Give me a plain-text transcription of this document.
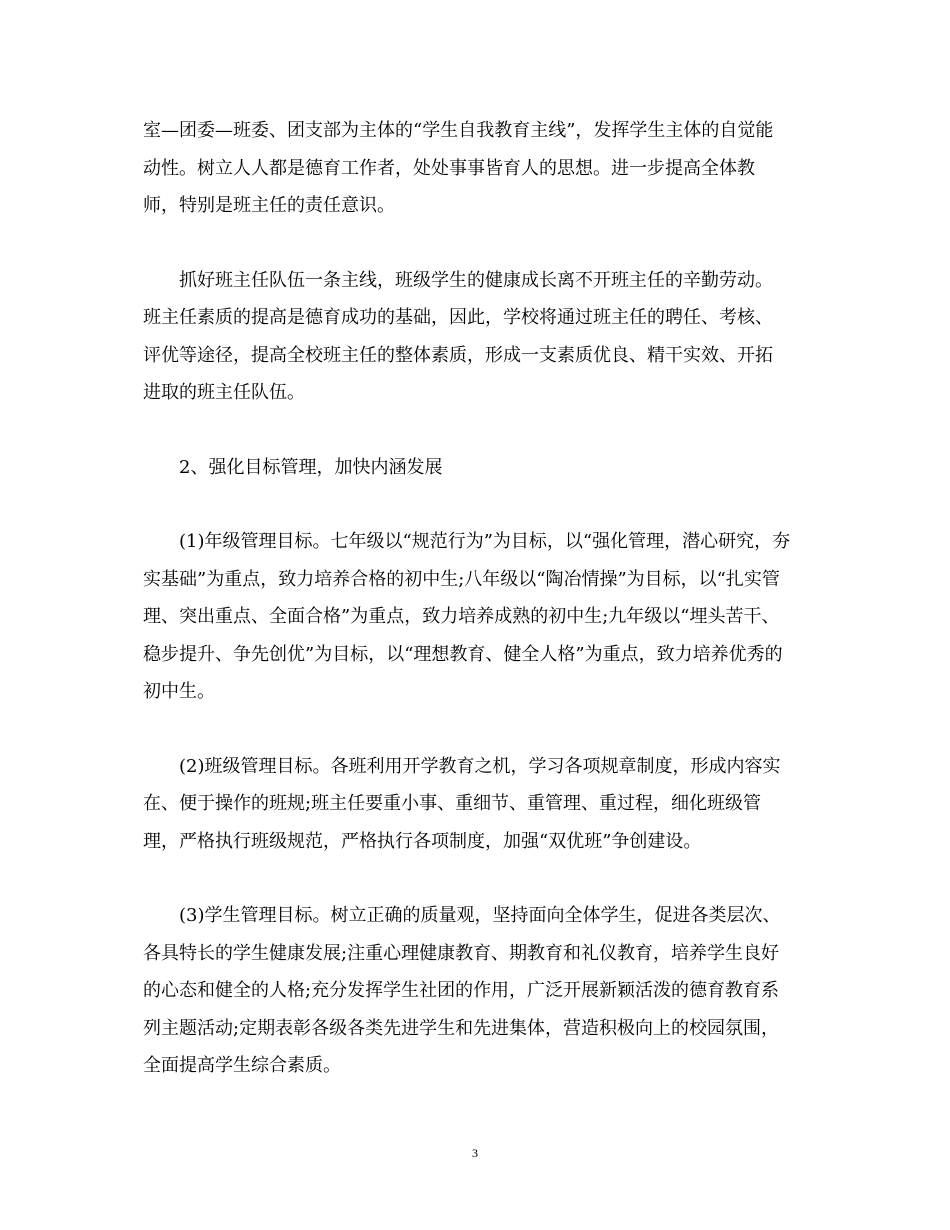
室—团委—班委、团支部为主体的“学生自我教育主线”，发挥学生主体的自觉能
动性。树立人人都是德育工作者，处处事事皆育人的思想。进一步提高全体教
师，特别是班主任的责任意识。
抓好班主任队伍一条主线，班级学生的健康成长离不开班主任的辛勤劳动。
班主任素质的提高是德育成功的基础，因此，学校将通过班主任的聘任、考核、
评优等途径，提高全校班主任的整体素质，形成一支素质优良、精干实效、开拓
进取的班主任队伍。
2、强化目标管理，加快内涵发展
(1)年级管理目标。七年级以“规范行为”为目标，以“强化管理，潜心研究，夯
实基础”为重点，致力培养合格的初中生;八年级以“陶冶情操”为目标，以“扎实管
理、突出重点、全面合格”为重点，致力培养成熟的初中生;九年级以“埋头苦干、
稳步提升、争先创优”为目标，以“理想教育、健全人格”为重点，致力培养优秀的
初中生。
(2)班级管理目标。各班利用开学教育之机，学习各项规章制度，形成内容实
在、便于操作的班规;班主任要重小事、重细节、重管理、重过程，细化班级管
理，严格执行班级规范，严格执行各项制度，加强“双优班”争创建设。
(3)学生管理目标。树立正确的质量观，坚持面向全体学生，促进各类层次、
各具特长的学生健康发展;注重心理健康教育、期教育和礼仪教育，培养学生良好
的心态和健全的人格;充分发挥学生社团的作用，广泛开展新颖活泼的德育教育系
列主题活动;定期表彰各级各类先进学生和先进集体，营造积极向上的校园氛围，
全面提高学生综合素质。
3
